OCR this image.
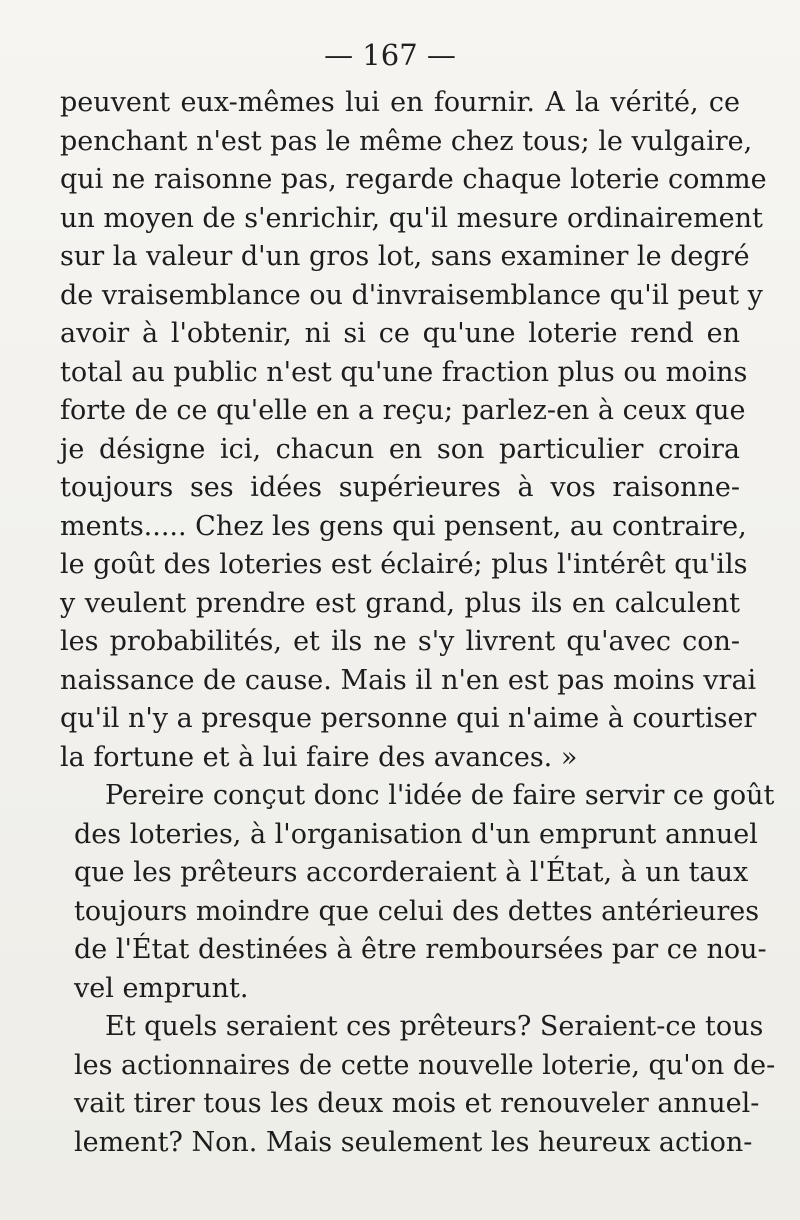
— 167 —
peuvent eux-mêmes lui en fournir. A la vérité, ce
penchant n'est pas le même chez tous; le vulgaire,
qui ne raisonne pas, regarde chaque loterie comme
un moyen de s'enrichir, qu'il mesure ordinairement
sur la valeur d'un gros lot, sans examiner le degré
de vraisemblance ou d'invraisemblance qu'il peut y
avoir à l'obtenir, ni si ce qu'une loterie rend en
total au public n'est qu'une fraction plus ou moins
forte de ce qu'elle en a reçu; parlez-en à ceux que
je désigne ici, chacun en son particulier croira
toujours ses idées supérieures à vos raisonne-
ments..... Chez les gens qui pensent, au contraire,
le goût des loteries est éclairé; plus l'intérêt qu'ils
y veulent prendre est grand, plus ils en calculent
les probabilités, et ils ne s'y livrent qu'avec con-
naissance de cause. Mais il n'en est pas moins vrai
qu'il n'y a presque personne qui n'aime à courtiser
la fortune et à lui faire des avances. »
Pereire conçut donc l'idée de faire servir ce goût
des loteries, à l'organisation d'un emprunt annuel
que les prêteurs accorderaient à l'État, à un taux
toujours moindre que celui des dettes antérieures
de l'État destinées à être remboursées par ce nou-
vel emprunt.
Et quels seraient ces prêteurs? Seraient-ce tous
les actionnaires de cette nouvelle loterie, qu'on de-
vait tirer tous les deux mois et renouveler annuel-
lement? Non. Mais seulement les heureux action-
